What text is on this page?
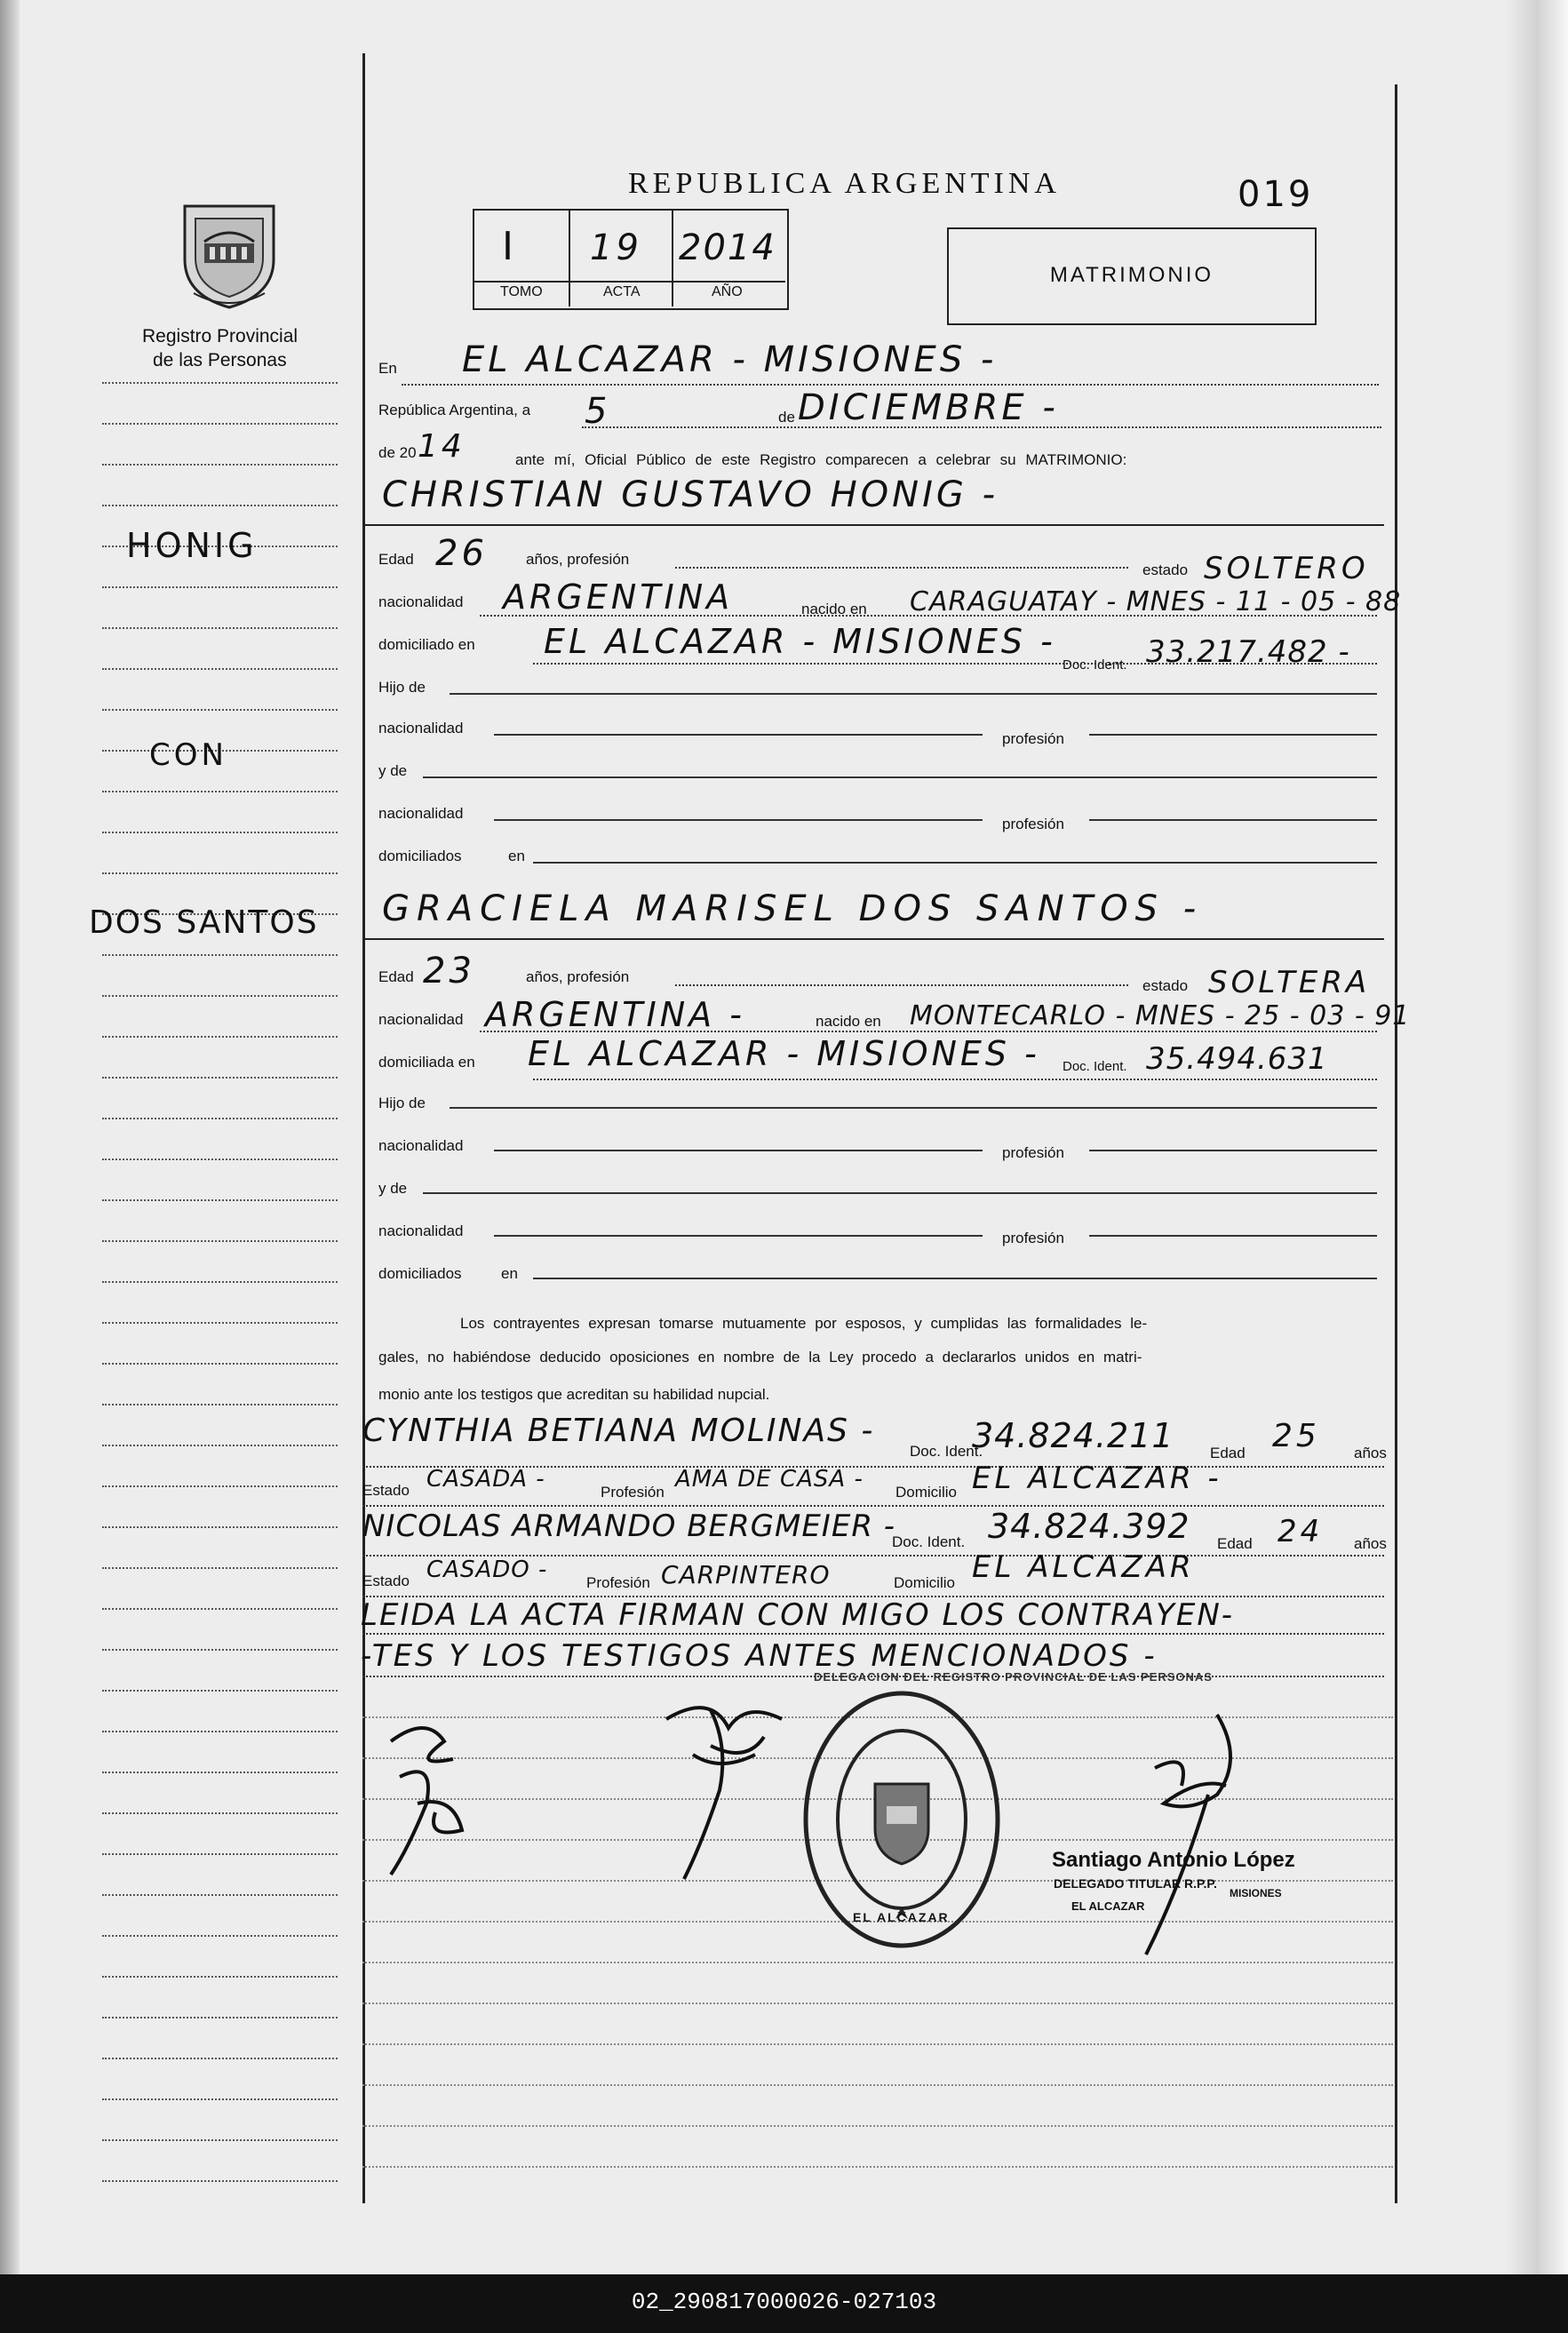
Registro Provincial
de las Personas
REPUBLICA ARGENTINA	019
I 19 2014
TOMO	ACTA	AÑO
MATRIMONIO
HONIG
CON
DOS SANTOS
En EL ALCAZAR - MISIONES -
República Argentina, a 5	de DICIEMBRE -
de 20 14	ante mí, Oficial Público de este Registro comparecen a celebrar su MATRIMONIO:
CHRISTIAN GUSTAVO HONIG -
Edad 26	años, profesión
estado SOLTERO
nacionalidad ARGENTINA	nacido en CARAGUATAY - MNES - 11 - 05 - 88
domiciliado en EL ALCAZAR - MISIONES -
Doc. Ident. 33.217.482 -
Hijo de
nacionalidad
profesión
y de
nacionalidad
profesión
domiciliados	en
GRACIELA MARISEL DOS SANTOS -
Edad 23	años, profesión
estado SOLTERA
nacionalidad ARGENTINA -	nacido en MONTECARLO - MNES - 25 - 03 - 91
domiciliada en EL ALCAZAR - MISIONES - Doc. Ident. 35.494.631
Hijo de
nacionalidad	profesión
y de
nacionalidad	profesión
domiciliados	en
Los contrayentes expresan tomarse mutuamente por esposos, y cumplidas las formalidades le-
gales, no habiéndose deducido oposiciones en nombre de la Ley procedo a declararlos unidos en matri-
monio ante los testigos que acreditan su habilidad nupcial.
CYNTHIA BETIANA MOLINAS -
Doc. Ident.
34.824.211 Edad 25 años
Estado CASADA -	Profesión AMA DE CASA - Domicilio EL ALCAZAR -
NICOLAS ARMANDO BERGMEIER -
Doc. Ident. 34.824.392 Edad 24 años
Estado CASADO -	Profesión CARPINTERO	Domicilio EL ALCAZAR
LEIDA LA ACTA FIRMAN CON MIGO LOS CONTRAYEN-
-TES Y LOS TESTIGOS ANTES MENCIONADOS -
DELEGACION DEL REGISTRO PROVINCIAL DE LAS PERSONAS
EL ALCAZAR
Santiago Antonio López
DELEGADO TITULAR R.P.P.
EL ALCAZAR
MISIONES
02_290817000026-027103
